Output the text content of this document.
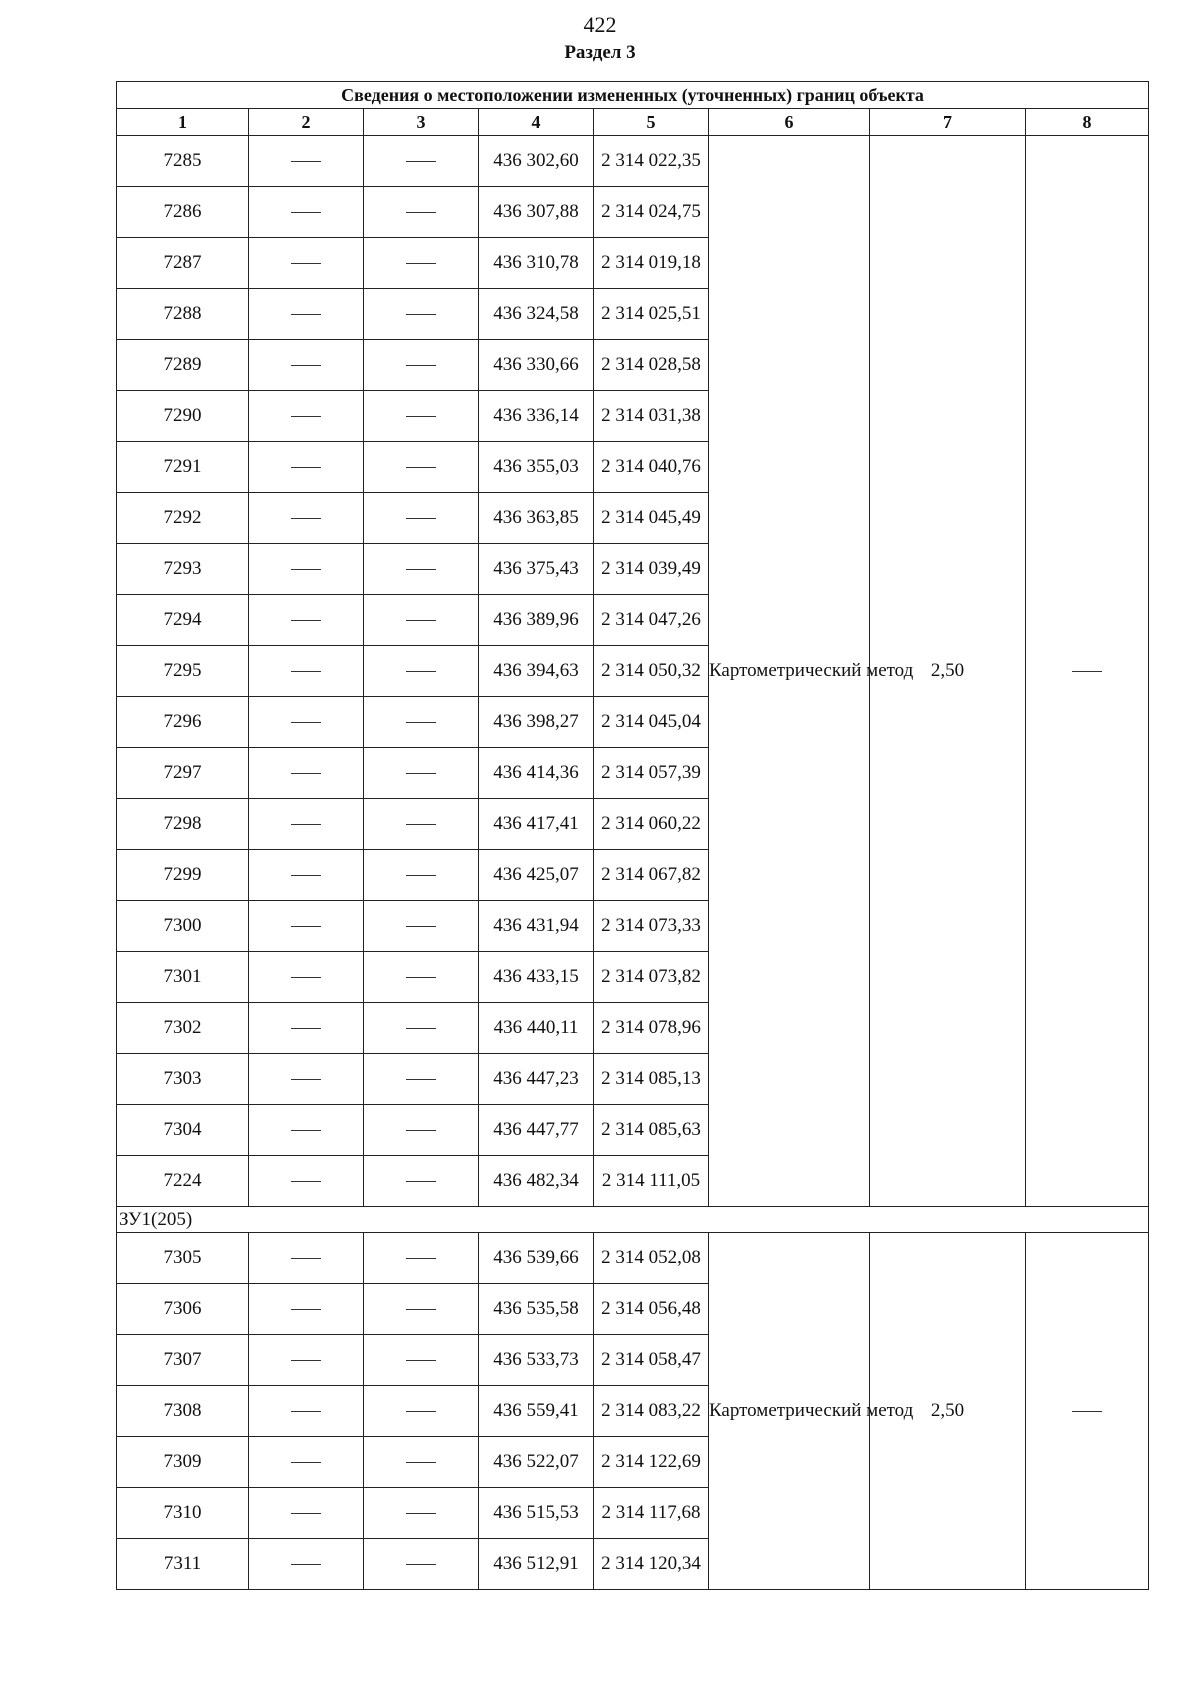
422
Раздел 3
Сведения о местоположении измененных (уточненных) границ объекта							
1	2	3	4	5	6	7	8
7285			436 302,60	2 314 022,35	Картометрический метод	2,50	

7286			436 307,88	2 314 024,75			
7287			436 310,78	2 314 019,18			
7288			436 324,58	2 314 025,51			
7289			436 330,66	2 314 028,58			
7290			436 336,14	2 314 031,38			
7291			436 355,03	2 314 040,76			
7292			436 363,85	2 314 045,49			
7293			436 375,43	2 314 039,49			
7294			436 389,96	2 314 047,26			
7295			436 394,63	2 314 050,32			
7296			436 398,27	2 314 045,04			
7297			436 414,36	2 314 057,39			
7298			436 417,41	2 314 060,22			
7299			436 425,07	2 314 067,82			
7300			436 431,94	2 314 073,33			
7301			436 433,15	2 314 073,82			
7302			436 440,11	2 314 078,96			
7303			436 447,23	2 314 085,13			
7304			436 447,77	2 314 085,63			
7224			436 482,34	2 314 111,05			
ЗУ1(205)							
7305			436 539,66	2 314 052,08	Картометрический метод	2,50	

7306			436 535,58	2 314 056,48			
7307			436 533,73	2 314 058,47			
7308			436 559,41	2 314 083,22			
7309			436 522,07	2 314 122,69			
7310			436 515,53	2 314 117,68			
7311			436 512,91	2 314 120,34			
